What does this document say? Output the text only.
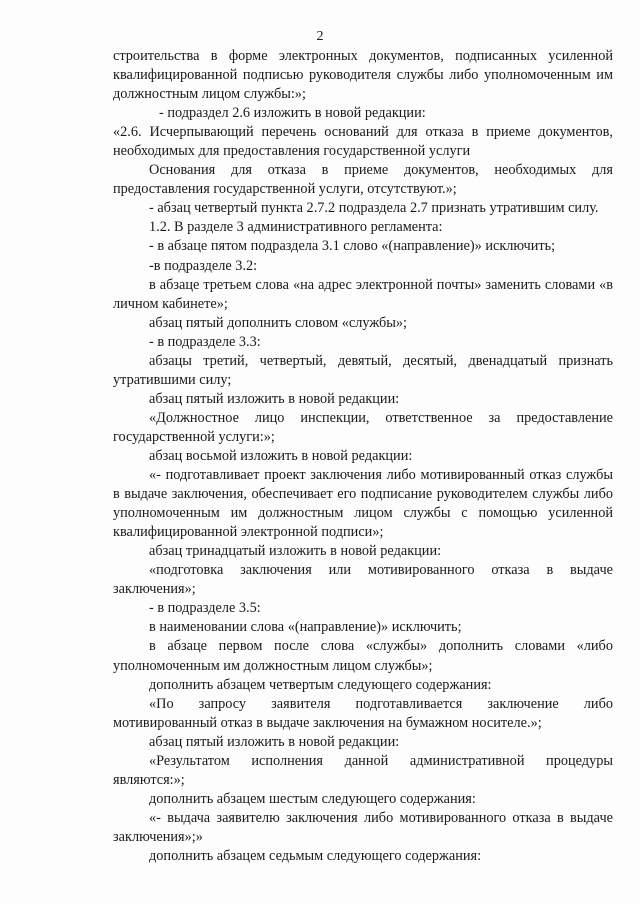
2

строительства в форме электронных документов, подписанных усиленной квалифицированной подписью руководителя службы либо уполномоченным им должностным лицом службы:»;

- подраздел 2.6 изложить в новой редакции:

«2.6. Исчерпывающий перечень оснований для отказа в приеме документов, необходимых для предоставления государственной услуги

Основания для отказа в приеме документов, необходимых для предоставления государственной услуги, отсутствуют.»;

- абзац четвертый пункта 2.7.2 подраздела 2.7 признать утратившим силу.

1.2. В разделе 3 административного регламента:

- в абзаце пятом подраздела 3.1 слово «(направление)» исключить;

-в подразделе 3.2:

в абзаце третьем слова «на адрес электронной почты» заменить словами «в личном кабинете»;

абзац пятый дополнить словом «службы»;

- в подразделе 3.3:

абзацы третий, четвертый, девятый, десятый, двенадцатый признать утратившими силу;

абзац пятый изложить в новой редакции:

«Должностное лицо инспекции, ответственное за предоставление государственной услуги:»;

абзац восьмой изложить в новой редакции:

«- подготавливает проект заключения либо мотивированный отказ службы в выдаче заключения, обеспечивает его подписание руководителем службы либо уполномоченным им должностным лицом службы с помощью усиленной квалифицированной электронной подписи»;

абзац тринадцатый изложить в новой редакции:

«подготовка заключения или мотивированного отказа в выдаче заключения»;

- в подразделе 3.5:

в наименовании слова «(направление)» исключить;

в абзаце первом после слова «службы» дополнить словами «либо уполномоченным им должностным лицом службы»;

дополнить абзацем четвертым следующего содержания:

«По запросу заявителя подготавливается заключение либо мотивированный отказ в выдаче заключения на бумажном носителе.»;

абзац пятый изложить в новой редакции:

«Результатом исполнения данной административной процедуры являются:»;

дополнить абзацем шестым следующего содержания:

«- выдача заявителю заключения либо мотивированного отказа в выдаче заключения»;»

дополнить абзацем седьмым следующего содержания:
